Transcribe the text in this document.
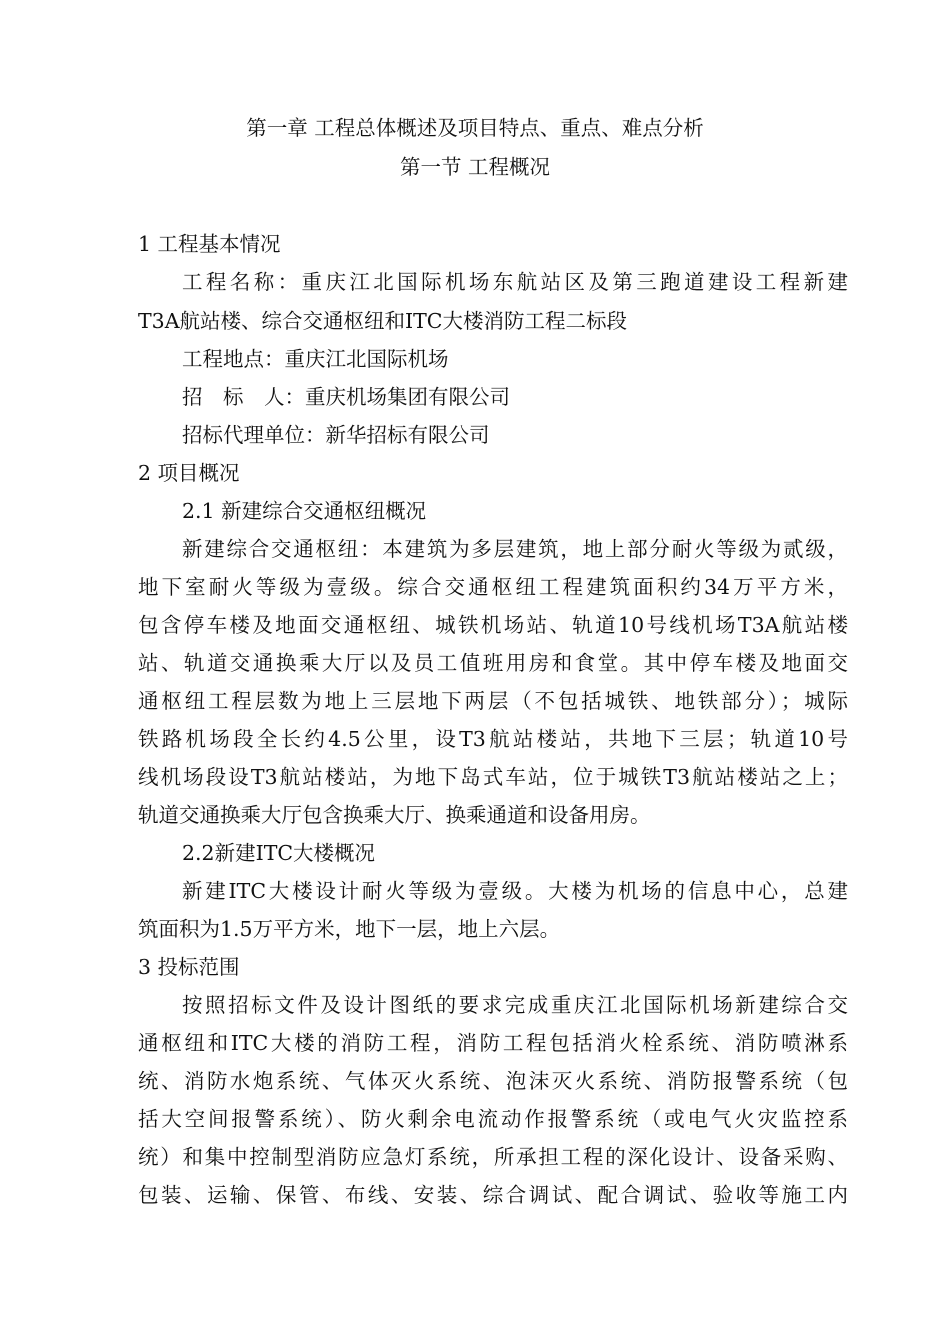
第一章 工程总体概述及项目特点、重点、难点分析
第一节 工程概况
1 工程基本情况
工程名称：重庆江北国际机场东航站区及第三跑道建设工程新建
T3A航站楼、综合交通枢纽和ITC大楼消防工程二标段
工程地点：重庆江北国际机场
招　标　人：重庆机场集团有限公司
招标代理单位：新华招标有限公司
2 项目概况
2.1 新建综合交通枢纽概况
新建综合交通枢纽：本建筑为多层建筑，地上部分耐火等级为贰级，
地下室耐火等级为壹级。综合交通枢纽工程建筑面积约34万平方米，
包含停车楼及地面交通枢纽、城铁机场站、轨道10号线机场T3A航站楼
站、轨道交通换乘大厅以及员工值班用房和食堂。其中停车楼及地面交
通枢纽工程层数为地上三层地下两层（不包括城铁、地铁部分）；城际
铁路机场段全长约4.5公里，设T3航站楼站，共地下三层；轨道10号
线机场段设T3航站楼站，为地下岛式车站，位于城铁T3航站楼站之上；
轨道交通换乘大厅包含换乘大厅、换乘通道和设备用房。
2.2新建ITC大楼概况
新建ITC大楼设计耐火等级为壹级。大楼为机场的信息中心，总建
筑面积为1.5万平方米，地下一层，地上六层。
3 投标范围
按照招标文件及设计图纸的要求完成重庆江北国际机场新建综合交
通枢纽和ITC大楼的消防工程，消防工程包括消火栓系统、消防喷淋系
统、消防水炮系统、气体灭火系统、泡沫灭火系统、消防报警系统（包
括大空间报警系统）、防火剩余电流动作报警系统（或电气火灾监控系
统）和集中控制型消防应急灯系统，所承担工程的深化设计、设备采购、
包装、运输、保管、布线、安装、综合调试、配合调试、验收等施工内
